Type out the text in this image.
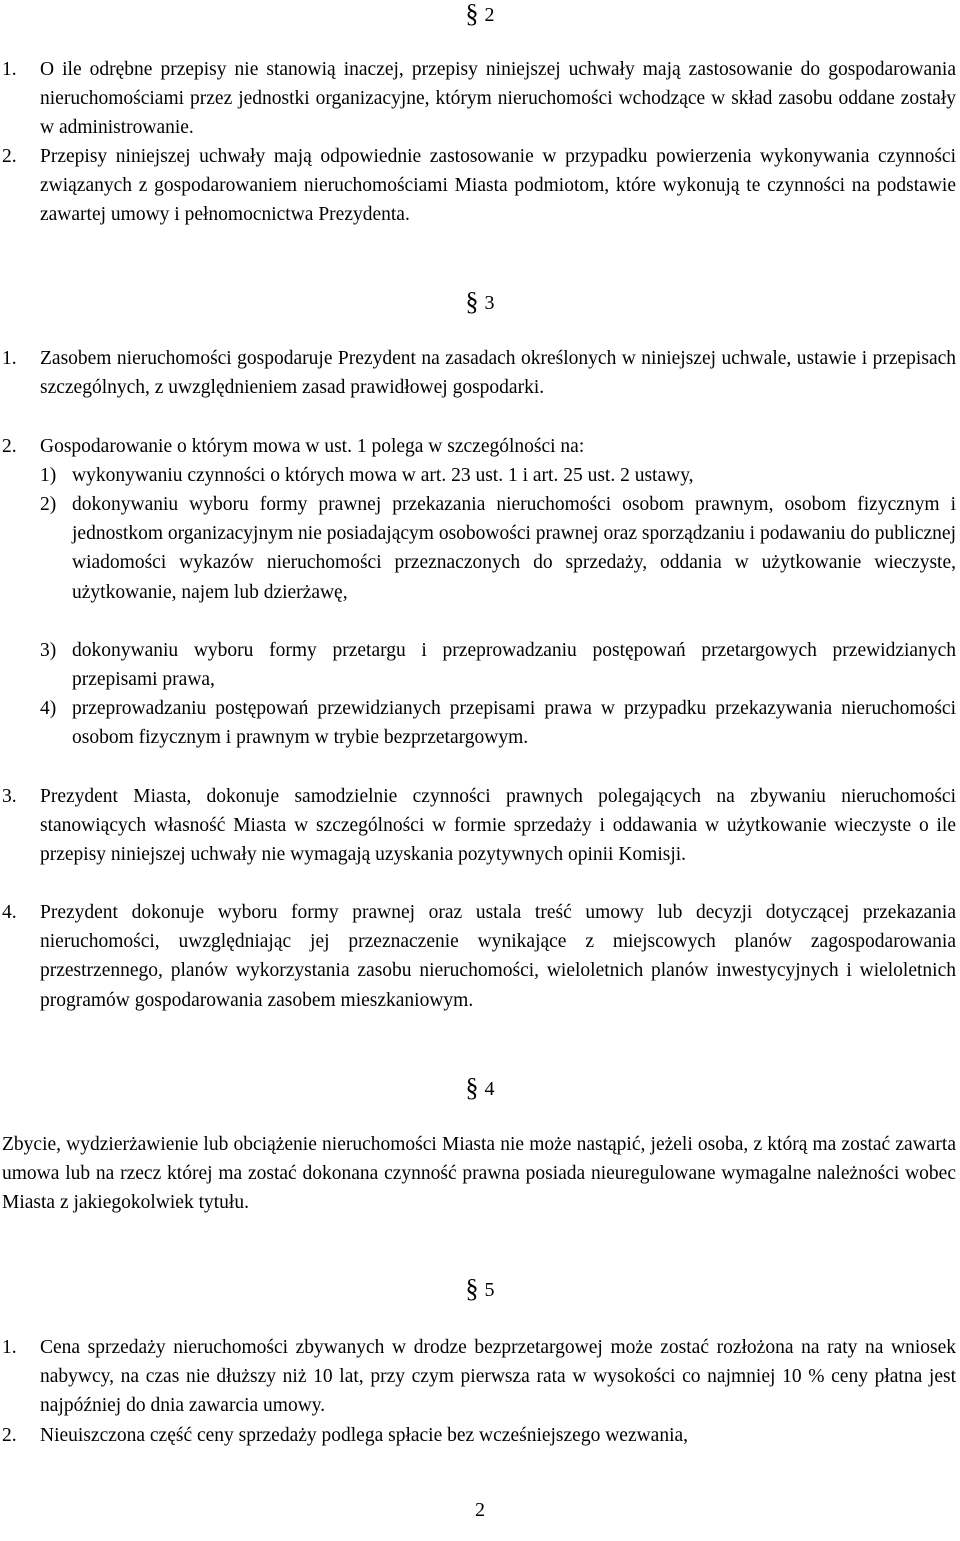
§ 2
1. O ile odrębne przepisy nie stanowią inaczej, przepisy niniejszej uchwały mają zastosowanie do gospodarowania nieruchomościami przez jednostki organizacyjne, którym nieruchomości wchodzące w skład zasobu oddane zostały w administrowanie.
2. Przepisy niniejszej uchwały mają odpowiednie zastosowanie w przypadku powierzenia wykonywania czynności związanych z gospodarowaniem nieruchomościami Miasta podmiotom, które wykonują te czynności na podstawie zawartej umowy i pełnomocnictwa Prezydenta.
§ 3
1. Zasobem nieruchomości gospodaruje Prezydent na zasadach określonych w niniejszej uchwale, ustawie i przepisach szczególnych, z uwzględnieniem zasad prawidłowej gospodarki.
2. Gospodarowanie o którym mowa w ust. 1 polega w szczególności na:
1) wykonywaniu czynności o których mowa w art. 23 ust. 1 i art. 25 ust. 2 ustawy,
2) dokonywaniu wyboru formy prawnej przekazania nieruchomości osobom prawnym, osobom fizycznym i jednostkom organizacyjnym nie posiadającym osobowości prawnej oraz sporządzaniu i podawaniu do publicznej wiadomości wykazów nieruchomości przeznaczonych do sprzedaży, oddania w użytkowanie wieczyste, użytkowanie, najem lub dzierżawę,
3) dokonywaniu wyboru formy przetargu i przeprowadzaniu postępowań przetargowych przewidzianych przepisami prawa,
4) przeprowadzaniu postępowań przewidzianych przepisami prawa w przypadku przekazywania nieruchomości osobom fizycznym i prawnym w trybie bezprzetargowym.
3. Prezydent Miasta, dokonuje samodzielnie czynności prawnych polegających na zbywaniu nieruchomości stanowiących własność Miasta w szczególności w formie sprzedaży i oddawania w użytkowanie wieczyste o ile przepisy niniejszej uchwały nie wymagają uzyskania pozytywnych opinii Komisji.
4. Prezydent dokonuje wyboru formy prawnej oraz ustala treść umowy lub decyzji dotyczącej przekazania nieruchomości, uwzględniając jej przeznaczenie wynikające z miejscowych planów zagospodarowania przestrzennego, planów wykorzystania zasobu nieruchomości, wieloletnich planów inwestycyjnych i wieloletnich programów gospodarowania zasobem mieszkaniowym.
§ 4
Zbycie, wydzierżawienie lub obciążenie nieruchomości Miasta nie może nastąpić, jeżeli osoba, z którą ma zostać zawarta umowa lub na rzecz której ma zostać dokonana czynność prawna posiada nieuregulowane wymagalne należności wobec Miasta z jakiegokolwiek tytułu.
§ 5
1. Cena sprzedaży nieruchomości zbywanych w drodze bezprzetargowej może zostać rozłożona na raty na wniosek nabywcy, na czas nie dłuższy niż 10 lat, przy czym pierwsza rata w wysokości co najmniej 10 % ceny płatna jest najpóźniej do dnia zawarcia umowy.
2. Nieuiszczona część ceny sprzedaży podlega spłacie bez wcześniejszego wezwania,
2
